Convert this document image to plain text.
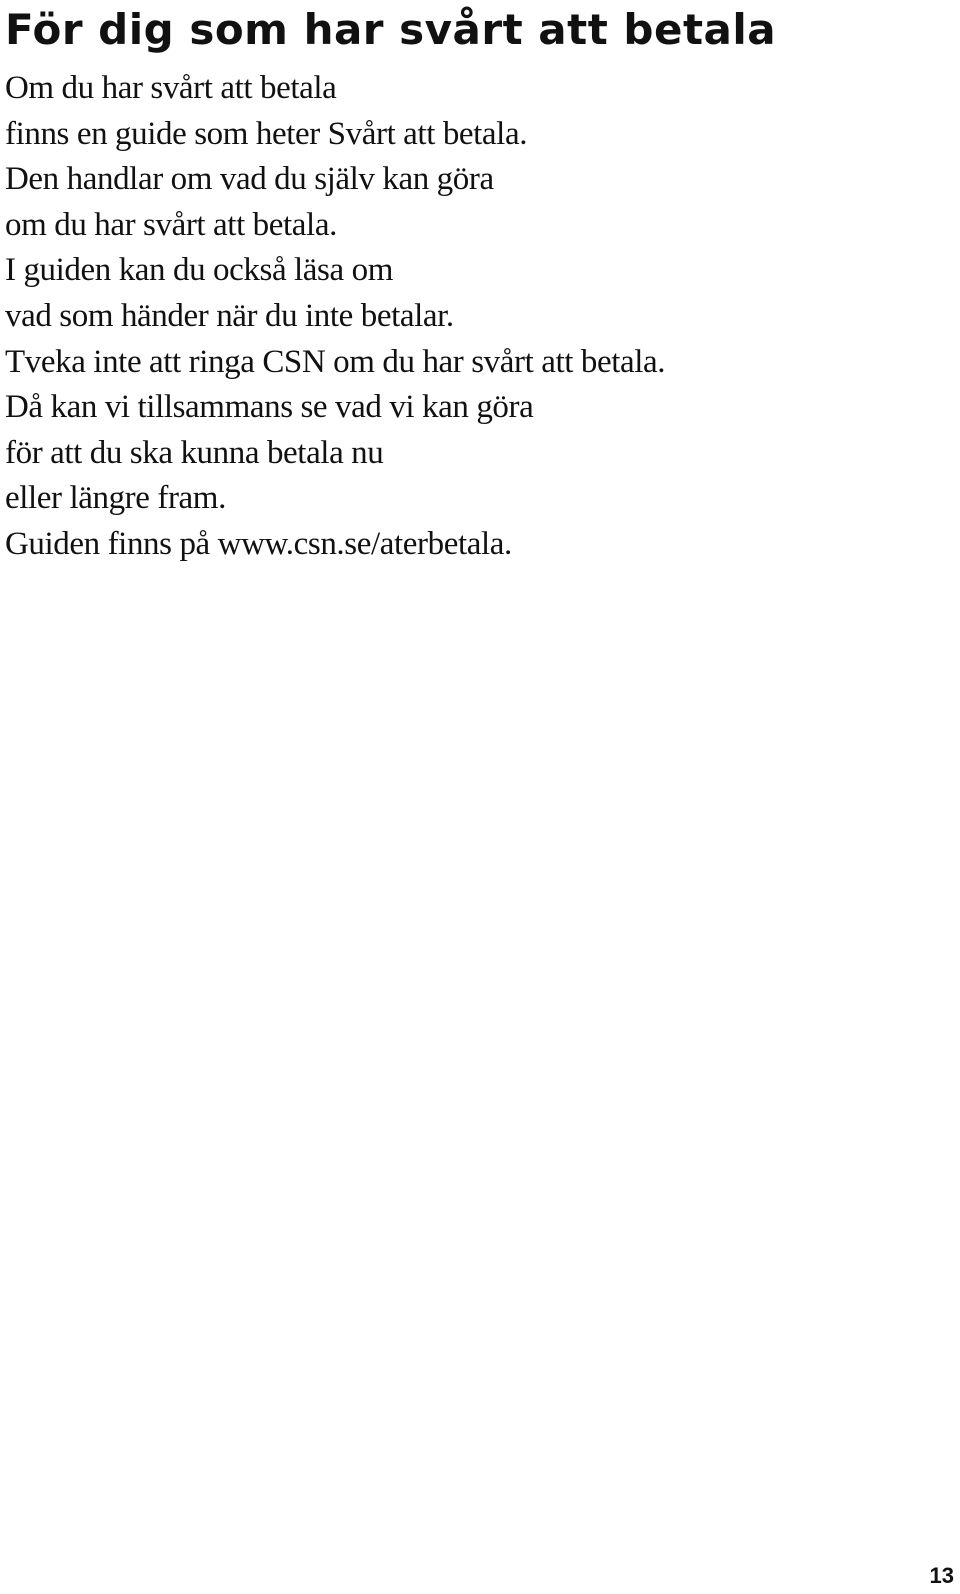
För dig som har svårt att betala
Om du har svårt att betala
finns en guide som heter Svårt att betala.
Den handlar om vad du själv kan göra
om du har svårt att betala.
I guiden kan du också läsa om
vad som händer när du inte betalar.
Tveka inte att ringa CSN om du har svårt att betala.
Då kan vi tillsammans se vad vi kan göra
för att du ska kunna betala nu
eller längre fram.
Guiden finns på www.csn.se/aterbetala.
13
